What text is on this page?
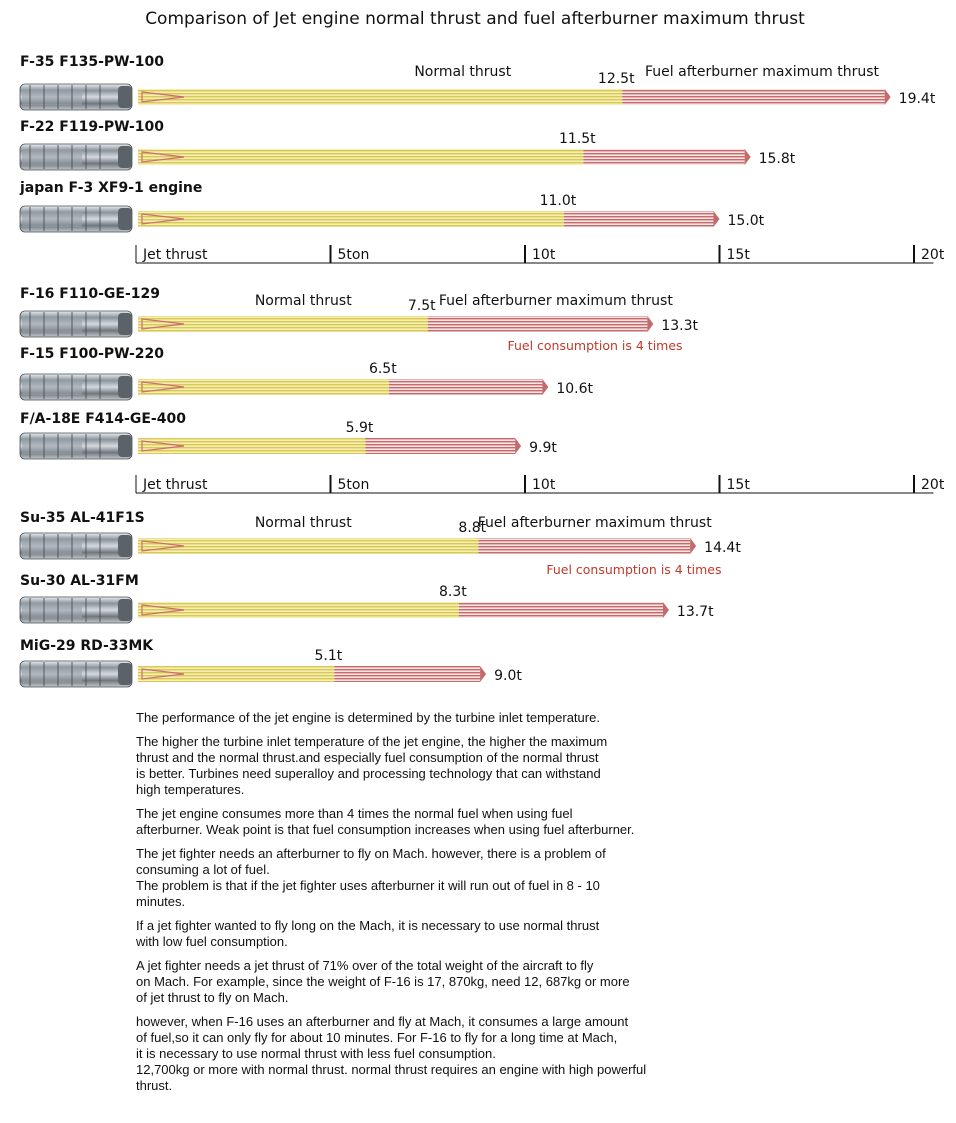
Comparison of Jet engine normal thrust and fuel afterburner maximum thrust
F-35 F135-PW-100
12.5t
19.4t
F-22 F119-PW-100
11.5t
15.8t
japan F-3 XF9-1 engine
11.0t
15.0t
Normal thrust	Fuel afterburner maximum thrust
Jet thrust	5ton	10t	15t	20t
F-16 F110-GE-129
7.5t
13.3t
F-15 F100-PW-220
6.5t
10.6t
F/A-18E F414-GE-400
5.9t
9.9t
Normal thrust	Fuel afterburner maximum thrust
Fuel consumption is 4 times
Jet thrust	5ton	10t	15t	20t
Su-35 AL-41F1S
8.8t
14.4t
Su-30 AL-31FM
8.3t
13.7t
MiG-29 RD-33MK
5.1t
9.0t
Normal thrust	Fuel afterburner maximum thrust
Fuel consumption is 4 times

The performance of the jet engine is determined by the turbine inlet temperature.

The higher the turbine inlet temperature of the jet engine, the higher the maximum
thrust and the normal thrust.and especially fuel consumption of the normal thrust
is better. Turbines need superalloy and processing technology that can withstand
high temperatures.

The jet engine consumes more than 4 times the normal fuel when using fuel
afterburner. Weak point is that fuel consumption increases when using fuel afterburner.

The jet fighter needs an afterburner to fly on Mach. however, there is a problem of
consuming a lot of fuel.
The problem is that if the jet fighter uses afterburner it will run out of fuel in 8 - 10
minutes.

If a jet fighter wanted to fly long on the Mach, it is necessary to use normal thrust
with low fuel consumption.

A jet fighter needs a jet thrust of 71% over of the total weight of the aircraft to fly
on Mach. For example, since the weight of F-16 is 17, 870kg, need 12, 687kg or more
of jet thrust to fly on Mach.

however, when F-16 uses an afterburner and fly at Mach, it consumes a large amount
of fuel,so it can only fly for about 10 minutes. For F-16 to fly for a long time at Mach,
it is necessary to use normal thrust with less fuel consumption.
12,700kg or more with normal thrust. normal thrust requires an engine with high powerful
thrust.
